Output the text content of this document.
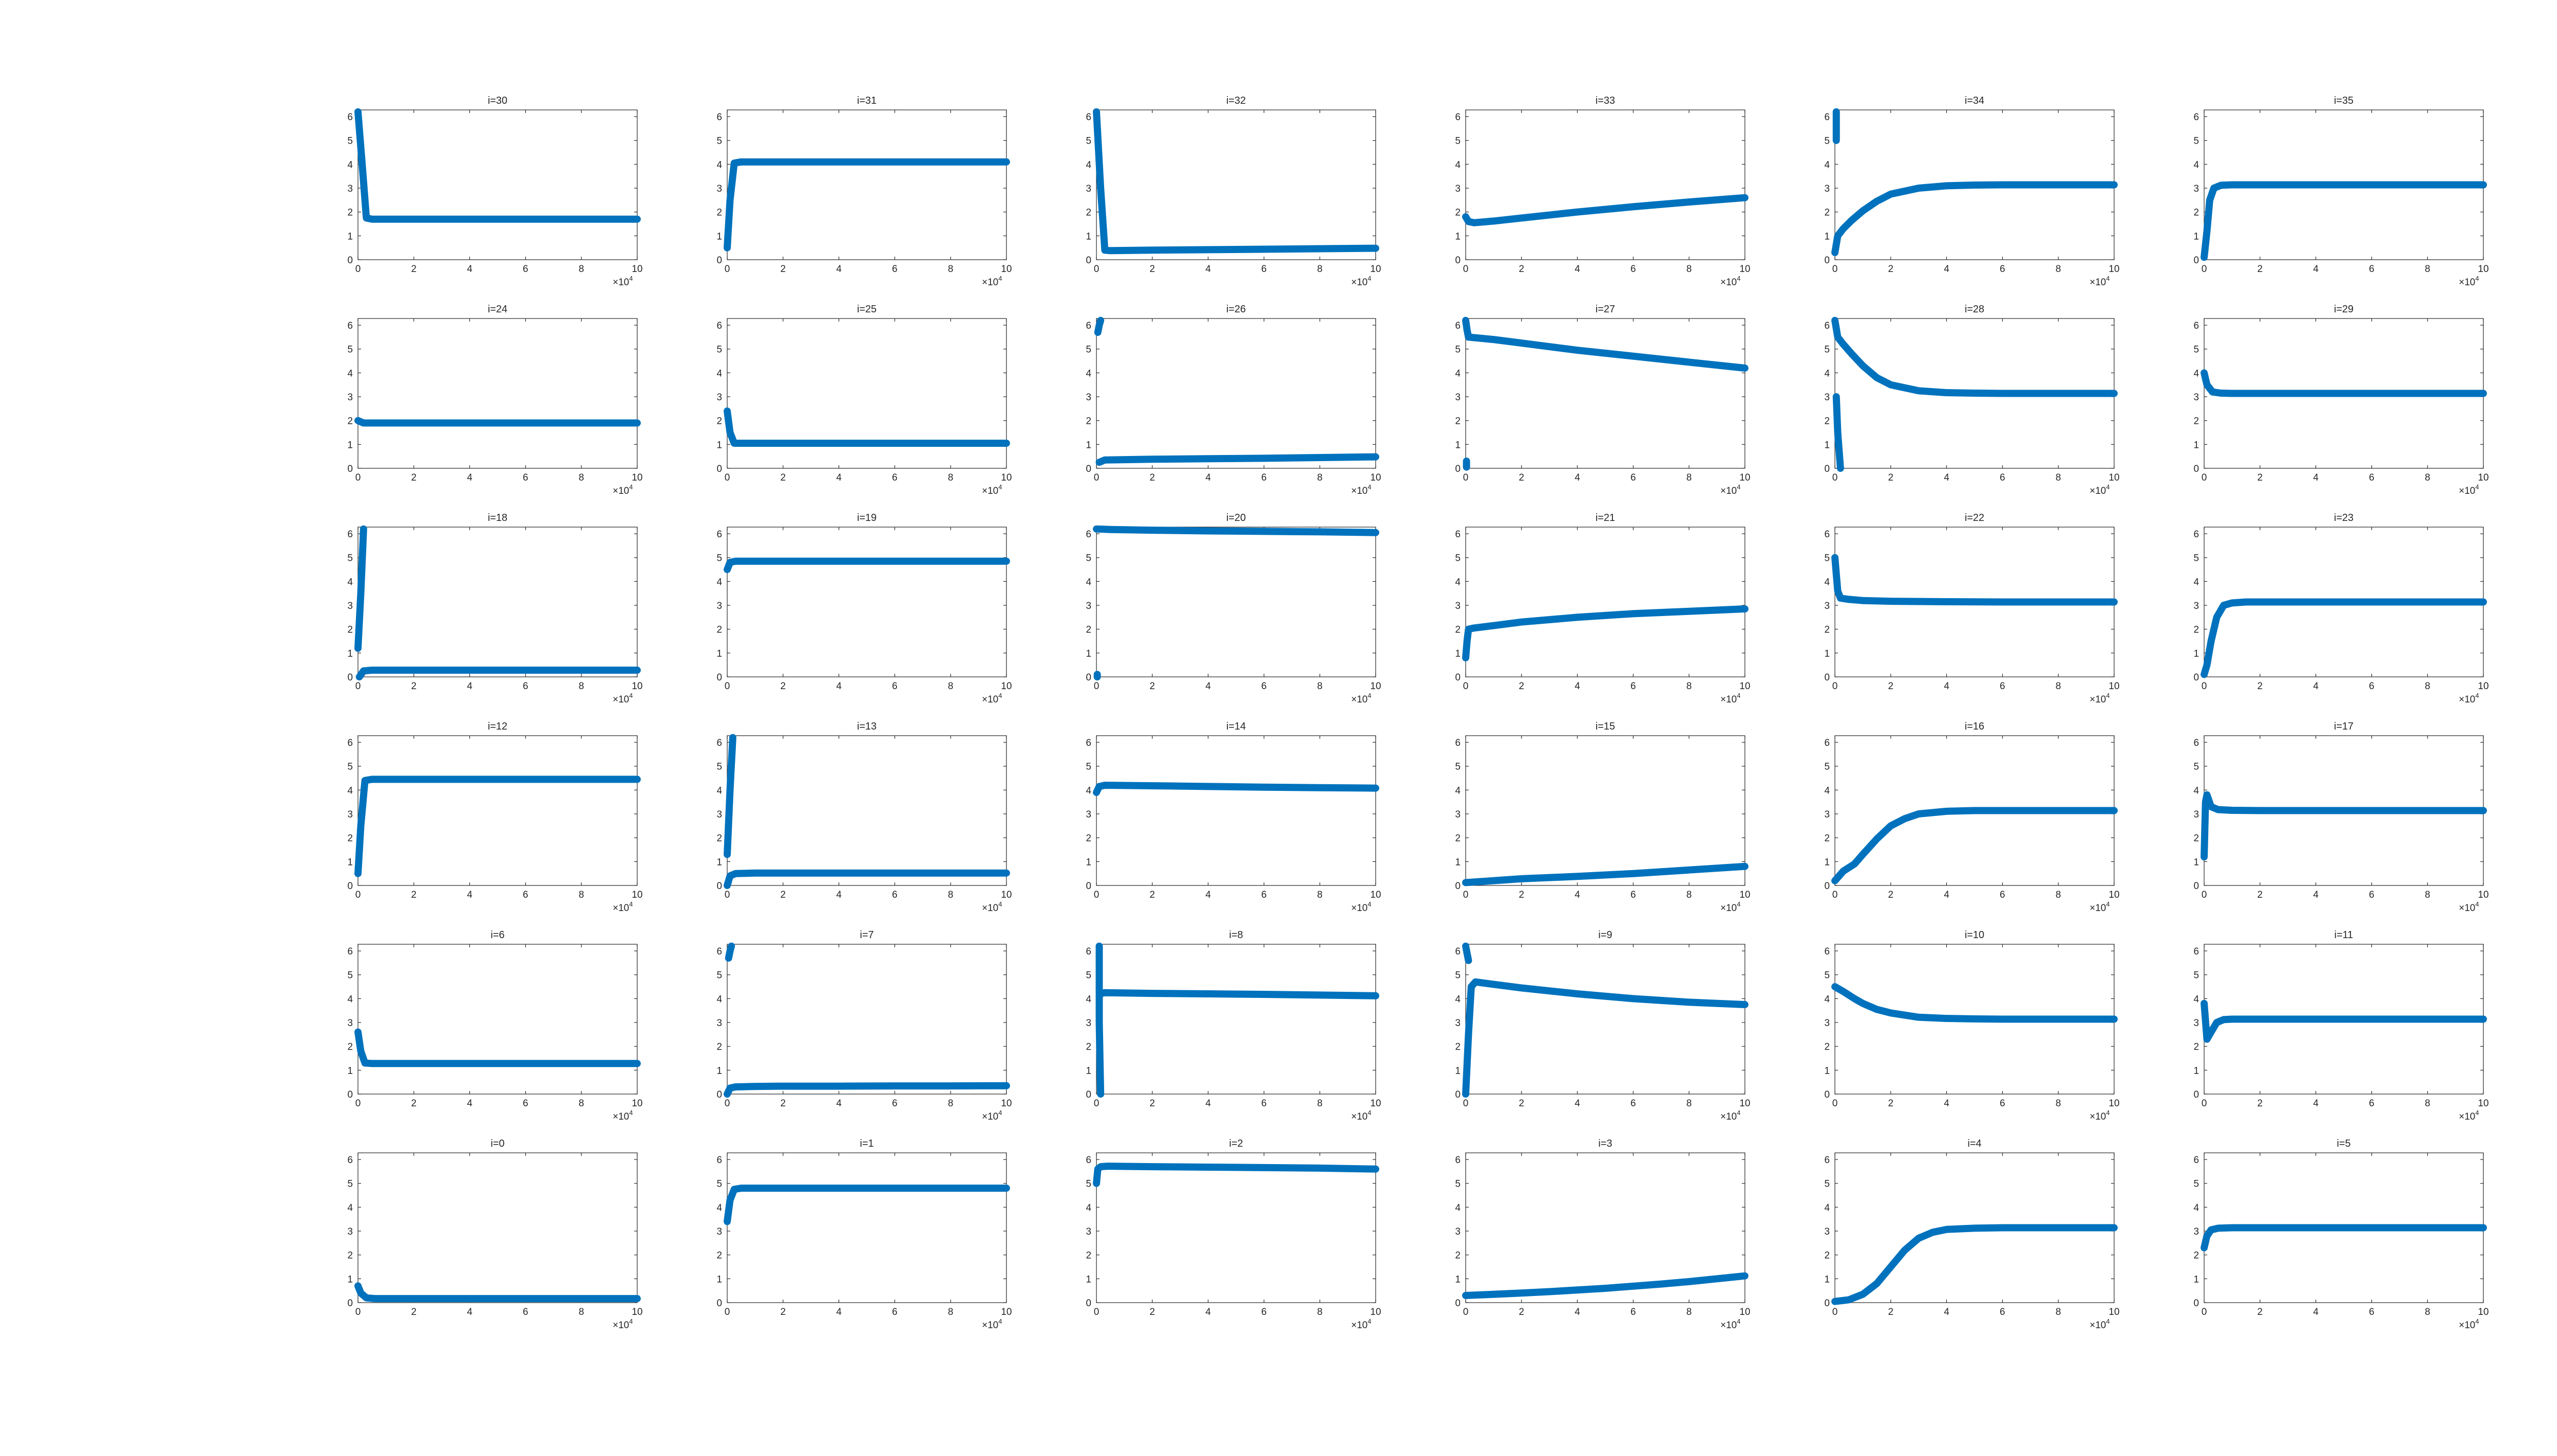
i=30
0	2	4	6	8	10
0
1
2
3
4
5
6
$\times 10^4$
i=31
0	2	4	6	8	10
0
1
2
3
4
5
6
$\times 10^4$
i=32
0	2	4	6	8	10
0
1
2
3
4
5
6
$\times 10^4$
i=33
0	2	4	6	8	10
0
1
2
3
4
5
6
$\times 10^4$
i=34
0	2	4	6	8	10
0
1
2
3
4
5
6
$\times 10^4$
i=35
0	2	4	6	8	10
0
1
2
3
4
5
6
$\times 10^4$
i=24
0	2	4	6	8	10
0
1
2
3
4
5
6
$\times 10^4$
i=25
0	2	4	6	8	10
0
1
2
3
4
5
6
$\times 10^4$
i=26
0	2	4	6	8	10
0
1
2
3
4
5
6
$\times 10^4$
i=27
0	2	4	6	8	10
0
1
2
3
4
5
6
$\times 10^4$
i=28
0	2	4	6	8	10
0
1
2
3
4
5
6
$\times 10^4$
i=29
0	2	4	6	8	10
0
1
2
3
4
5
6
$\times 10^4$
i=18
0	2	4	6	8	10
0
1
2
3
4
5
6
$\times 10^4$
i=19
0	2	4	6	8	10
0
1
2
3
4
5
6
$\times 10^4$
i=20
0	2	4	6	8	10
0
1
2
3
4
5
6
$\times 10^4$
i=21
0	2	4	6	8	10
0
1
2
3
4
5
6
$\times 10^4$
i=22
0	2	4	6	8	10
0
1
2
3
4
5
6
$\times 10^4$
i=23
0	2	4	6	8	10
0
1
2
3
4
5
6
$\times 10^4$
i=12
0	2	4	6	8	10
0
1
2
3
4
5
6
$\times 10^4$
i=13
0	2	4	6	8	10
0
1
2
3
4
5
6
$\times 10^4$
i=14
0	2	4	6	8	10
0
1
2
3
4
5
6
$\times 10^4$
i=15
0	2	4	6	8	10
0
1
2
3
4
5
6
$\times 10^4$
i=16
0	2	4	6	8	10
0
1
2
3
4
5
6
$\times 10^4$
i=17
0	2	4	6	8	10
0
1
2
3
4
5
6
$\times 10^4$
i=6
0	2	4	6	8	10
0
1
2
3
4
5
6
$\times 10^4$
i=7
0	2	4	6	8	10
0
1
2
3
4
5
6
$\times 10^4$
i=8
0	2	4	6	8	10
0
1
2
3
4
5
6
$\times 10^4$
i=9
0	2	4	6	8	10
0
1
2
3
4
5
6
$\times 10^4$
i=10
0	2	4	6	8	10
0
1
2
3
4
5
6
$\times 10^4$
i=11
0	2	4	6	8	10
0
1
2
3
4
5
6
$\times 10^4$
i=0
0	2	4	6	8	10
0
1
2
3
4
5
6
$\times 10^4$
i=1
0	2	4	6	8	10
0
1
2
3
4
5
6
$\times 10^4$
i=2
0	2	4	6	8	10
0
1
2
3
4
5
6
$\times 10^4$
i=3
0	2	4	6	8	10
0
1
2
3
4
5
6
$\times 10^4$
i=4
0	2	4	6	8	10
0
1
2
3
4
5
6
$\times 10^4$
i=5
0	2	4	6	8	10
0
1
2
3
4
5
6
$\times 10^4$
